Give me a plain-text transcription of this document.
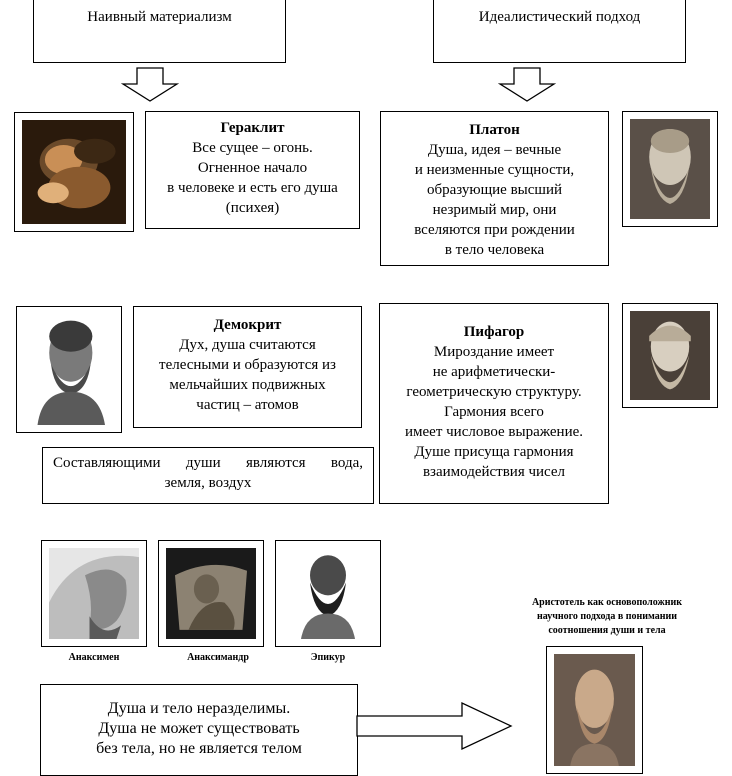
Наивный материализм	Идеалистический подход
Гераклит
Все сущее – огонь.
Огненное начало
в человеке и есть его душа
(психея)
Платон
Душа, идея – вечные
и неизменные сущности,
образующие высший
незримый мир, они
вселяются при рождении
в тело человека
Демокрит
Дух, душа считаются
телесными и образуются из
мельчайших подвижных
частиц – атомов
Пифагор
Мироздание имеет
не арифметически-
геометрическую структуру.
Гармония всего
имеет числовое выражение.
Душе присуща гармония
взаимодействия чисел
Составляющими души являются вода,
земля, воздух
Анаксимен	Анаксимандр	Эпикур
Аристотель как основоположник
научного подхода в понимании
соотношения души и тела
Душа и тело неразделимы.
Душа не может существовать
без тела, но не является телом
